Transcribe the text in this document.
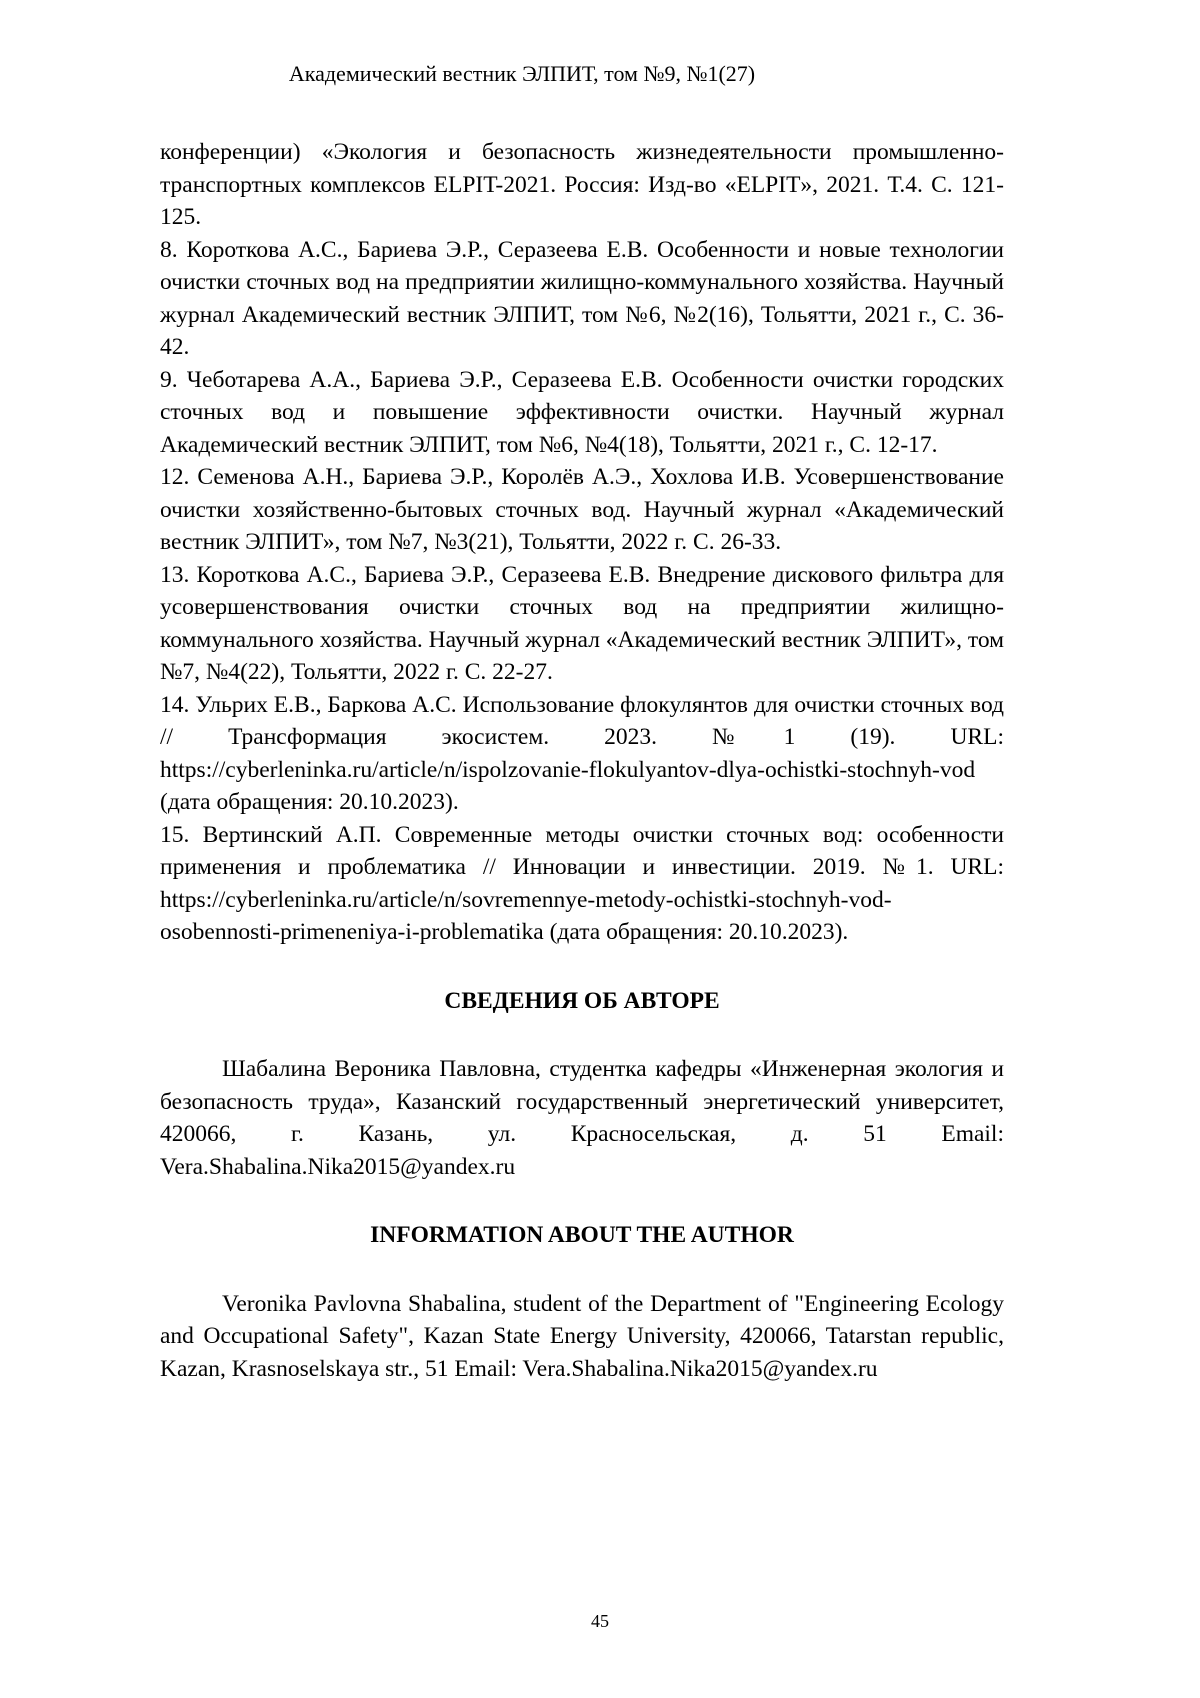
Академический вестник ЭЛПИТ, том №9, №1(27)

конференции) «Экология и безопасность жизнедеятельности промышленно-транспортных комплексов ELPIT-2021. Россия: Изд-во «ELPIT», 2021. Т.4. С. 121- 125.

8. Короткова А.С., Бариева Э.Р., Серазеева Е.В. Особенности и новые технологии очистки сточных вод на предприятии жилищно-коммунального хозяйства. Научный журнал Академический вестник ЭЛПИТ, том №6, №2(16), Тольятти, 2021 г., С. 36-42.

9. Чеботарева А.А., Бариева Э.Р., Серазеева Е.В. Особенности очистки городских сточных вод и повышение эффективности очистки. Научный журнал Академический вестник ЭЛПИТ, том №6, №4(18), Тольятти, 2021 г., С. 12-17.

12. Семенова А.Н., Бариева Э.Р., Королёв А.Э., Хохлова И.В. Усовершенствование очистки хозяйственно-бытовых сточных вод. Научный журнал «Академический вестник ЭЛПИТ», том №7, №3(21), Тольятти, 2022 г. С. 26-33.

13. Короткова А.С., Бариева Э.Р., Серазеева Е.В. Внедрение дискового фильтра для усовершенствования очистки сточных вод на предприятии жилищно-коммунального хозяйства. Научный журнал «Академический вестник ЭЛПИТ», том №7, №4(22), Тольятти, 2022 г. С. 22-27.

14. Ульрих Е.В., Баркова А.С. Использование флокулянтов для очистки сточных вод // Трансформация экосистем. 2023. №1 (19). URL: https://cyberleninka.ru/article/n/ispolzovanie-flokulyantov-dlya-ochistki-stochnyh-vod (дата обращения: 20.10.2023).

15. Вертинский А.П. Современные методы очистки сточных вод: особенности применения и проблематика // Инновации и инвестиции. 2019. №1. URL: https://cyberleninka.ru/article/n/sovremennye-metody-ochistki-stochnyh-vod-osobennosti-primeneniya-i-problematika (дата обращения: 20.10.2023).

СВЕДЕНИЯ ОБ АВТОРЕ

Шабалина Вероника Павловна, студентка кафедры «Инженерная экология и безопасность труда», Казанский государственный энергетический университет, 420066, г. Казань, ул. Красносельская, д. 51 Email: Vera.Shabalina.Nika2015@yandex.ru

INFORMATION ABOUT THE AUTHOR

Veronika Pavlovna Shabalina, student of the Department of "Engineering Ecology and Occupational Safety", Kazan State Energy University, 420066, Tatarstan republic, Kazan, Krasnoselskaya str., 51 Email: Vera.Shabalina.Nika2015@yandex.ru

45
